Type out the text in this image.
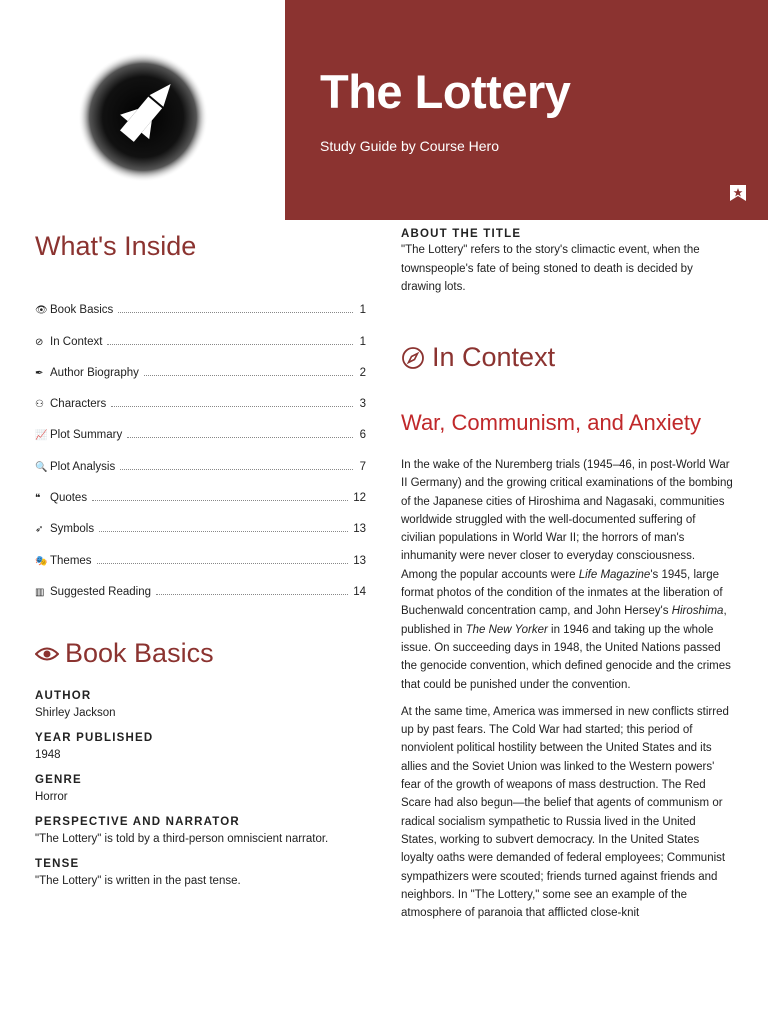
The Lottery
Study Guide by Course Hero
What's Inside
👁 Book Basics	1
⊘ In Context	1
✒ Author Biography	2
⚇ Characters	3
📈 Plot Summary	6
🔍 Plot Analysis	7
❝ Quotes	12
➶ Symbols	13
🎭 Themes	13
▥ Suggested Reading	14
Book Basics
AUTHOR
Shirley Jackson
YEAR PUBLISHED
1948
GENRE
Horror
PERSPECTIVE AND NARRATOR
"The Lottery" is told by a third-person omniscient narrator.
TENSE
"The Lottery" is written in the past tense.
ABOUT THE TITLE
"The Lottery" refers to the story's climactic event, when the townspeople's fate of being stoned to death is decided by drawing lots.
In Context
War, Communism, and Anxiety

In the wake of the Nuremberg trials (1945–46, in post-World War II Germany) and the growing critical examinations of the bombing of the Japanese cities of Hiroshima and Nagasaki, communities worldwide struggled with the well-documented suffering of civilian populations in World War II; the horrors of man's inhumanity were never closer to everyday consciousness. Among the popular accounts were Life Magazine's 1945, large format photos of the condition of the inmates at the liberation of Buchenwald concentration camp, and John Hersey's Hiroshima, published in The New Yorker in 1946 and taking up the whole issue. On succeeding days in 1948, the United Nations passed the genocide convention, which defined genocide and the crimes that could be punished under the convention.

At the same time, America was immersed in new conflicts stirred up by past fears. The Cold War had started; this period of nonviolent political hostility between the United States and its allies and the Soviet Union was linked to the Western powers' fear of the growth of weapons of mass destruction. The Red Scare had also begun—the belief that agents of communism or radical socialism sympathetic to Russia lived in the United States, working to subvert democracy. In the United States loyalty oaths were demanded of federal employees; Communist sympathizers were scouted; friends turned against friends and neighbors. In "The Lottery," some see an example of the atmosphere of paranoia that afflicted close-knit
